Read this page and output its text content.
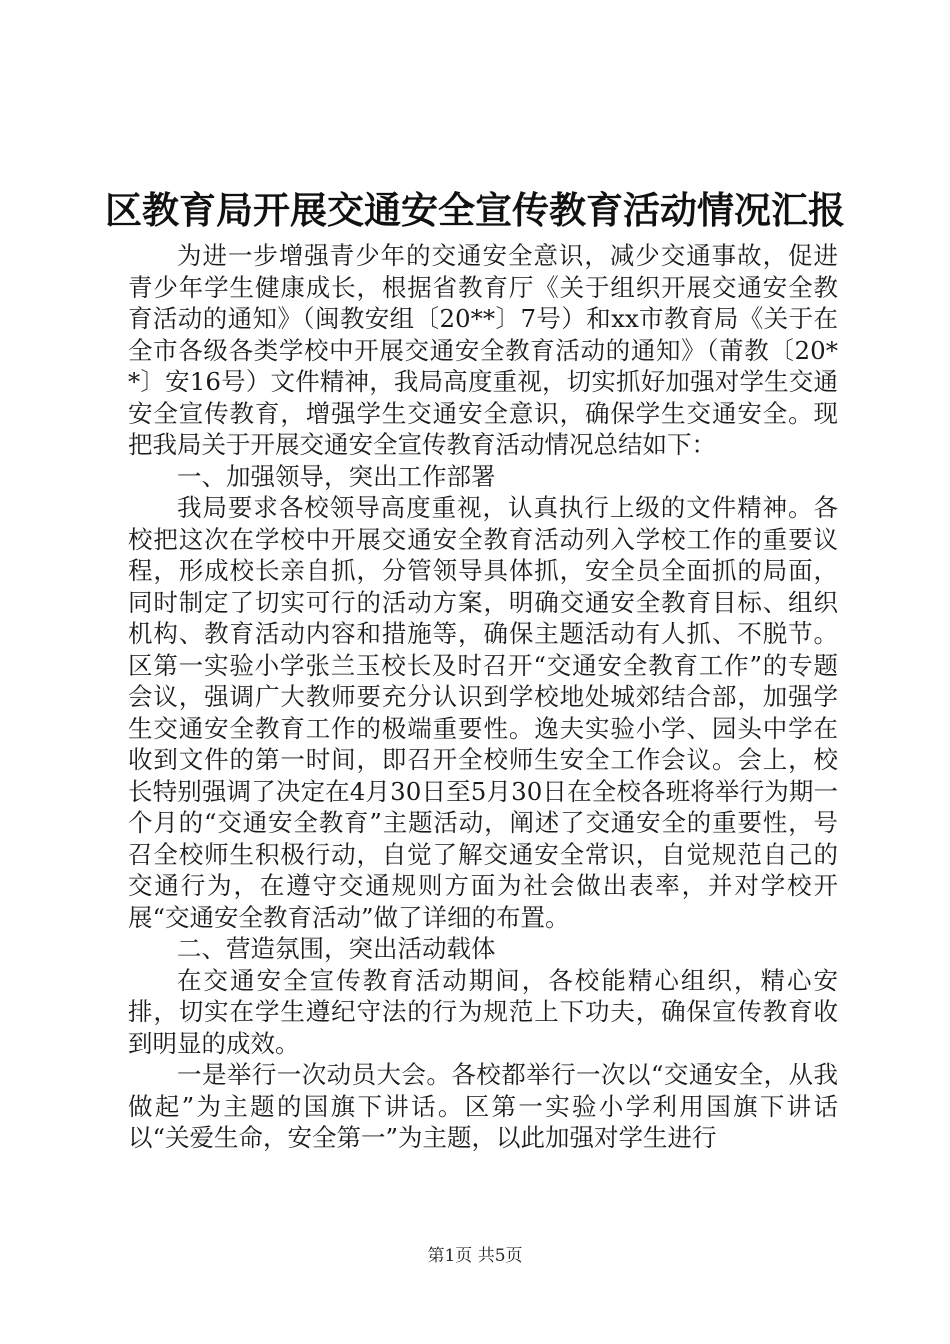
区教育局开展交通安全宣传教育活动情况汇报

为进一步增强青少年的交通安全意识，减少交通事故，促进青少年学生健康成长，根据省教育厅《关于组织开展交通安全教育活动的通知》（闽教安组〔20**〕7号）和xx市教育局《关于在全市各级各类学校中开展交通安全教育活动的通知》（莆教〔20**〕安16号）文件精神，我局高度重视，切实抓好加强对学生交通安全宣传教育，增强学生交通安全意识，确保学生交通安全。现把我局关于开展交通安全宣传教育活动情况总结如下：

一、加强领导，突出工作部署

我局要求各校领导高度重视，认真执行上级的文件精神。各校把这次在学校中开展交通安全教育活动列入学校工作的重要议程，形成校长亲自抓，分管领导具体抓，安全员全面抓的局面，同时制定了切实可行的活动方案，明确交通安全教育目标、组织机构、教育活动内容和措施等，确保主题活动有人抓、不脱节。区第一实验小学张兰玉校长及时召开“交通安全教育工作”的专题会议，强调广大教师要充分认识到学校地处城郊结合部，加强学生交通安全教育工作的极端重要性。逸夫实验小学、园头中学在收到文件的第一时间，即召开全校师生安全工作会议。会上，校长特别强调了决定在4月30日至5月30日在全校各班将举行为期一个月的“交通安全教育”主题活动，阐述了交通安全的重要性，号召全校师生积极行动，自觉了解交通安全常识，自觉规范自己的交通行为，在遵守交通规则方面为社会做出表率，并对学校开展“交通安全教育活动”做了详细的布置。

二、营造氛围，突出活动载体

在交通安全宣传教育活动期间，各校能精心组织，精心安排，切实在学生遵纪守法的行为规范上下功夫，确保宣传教育收到明显的成效。

一是举行一次动员大会。各校都举行一次以“交通安全，从我做起”为主题的国旗下讲话。区第一实验小学利用国旗下讲话以“关爱生命，安全第一”为主题，以此加强对学生进行

第1页 共5页
